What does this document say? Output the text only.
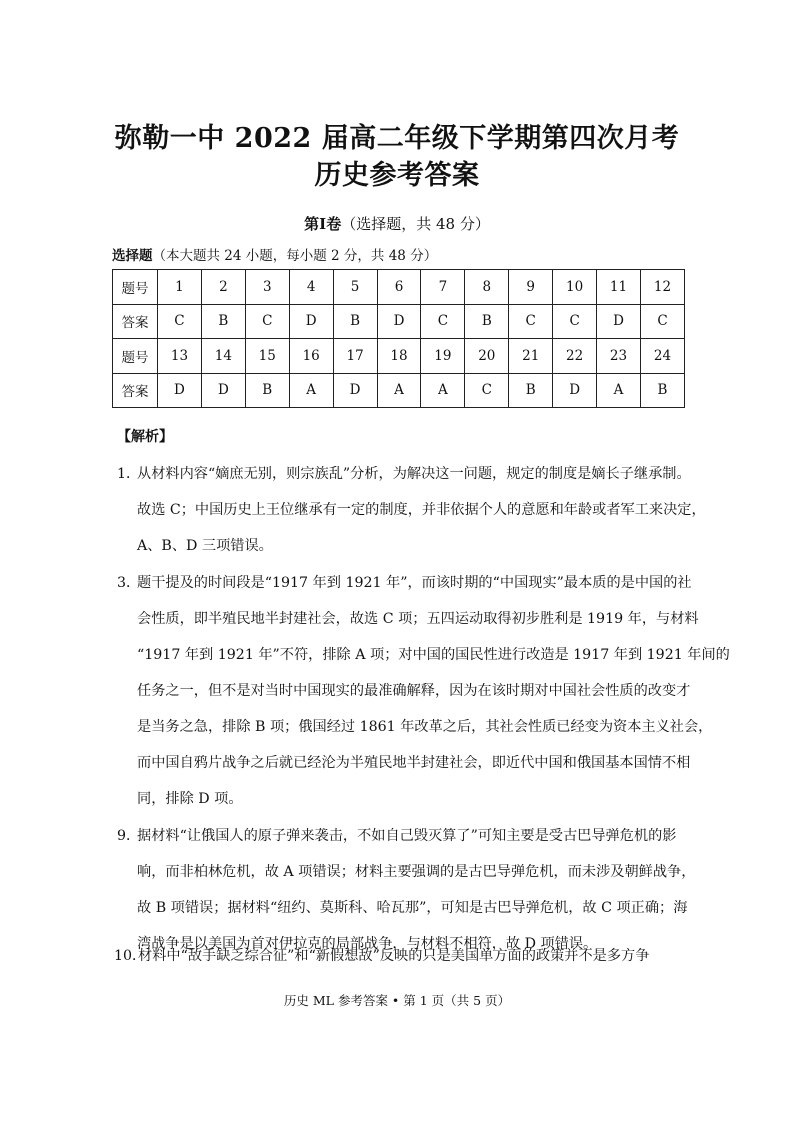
弥勒一中 2022 届高二年级下学期第四次月考
历史参考答案
第Ⅰ卷（选择题，共 48 分）
选择题（本大题共 24 小题，每小题 2 分，共 48 分）
题号	1	2	3	4	5	6	7	8	9	10	11	12
答案	C	B	C	D	B	D	C	B	C	C	D	C
题号	13	14	15	16	17	18	19	20	21	22	23	24
答案	D	D	B	A	D	A	A	C	B	D	A	B
【解析】
1．从材料内容“嫡庶无别，则宗族乱”分析，为解决这一问题，规定的制度是嫡长子继承制。
故选 C；中国历史上王位继承有一定的制度，并非依据个人的意愿和年龄或者军工来决定，
A、B、D 三项错误。
3．题干提及的时间段是“1917 年到 1921 年”，而该时期的“中国现实”最本质的是中国的社
会性质，即半殖民地半封建社会，故选 C 项；五四运动取得初步胜利是 1919 年，与材料
“1917 年到 1921 年”不符，排除 A 项；对中国的国民性进行改造是 1917 年到 1921 年间的
任务之一，但不是对当时中国现实的最准确解释，因为在该时期对中国社会性质的改变才
是当务之急，排除 B 项；俄国经过 1861 年改革之后，其社会性质已经变为资本主义社会，
而中国自鸦片战争之后就已经沦为半殖民地半封建社会，即近代中国和俄国基本国情不相
同，排除 D 项。
9．据材料“让俄国人的原子弹来袭击，不如自己毁灭算了”可知主要是受古巴导弹危机的影
响，而非柏林危机，故 A 项错误；材料主要强调的是古巴导弹危机，而未涉及朝鲜战争，
故 B 项错误；据材料“纽约、莫斯科、哈瓦那”，可知是古巴导弹危机，故 C 项正确；海
湾战争是以美国为首对伊拉克的局部战争，与材料不相符，故 D 项错误。
10．材料中“敌手缺乏综合征”和“新假想敌”反映的只是美国单方面的政策并不是多方争
历史 ML 参考答案 • 第 1 页（共 5 页）
